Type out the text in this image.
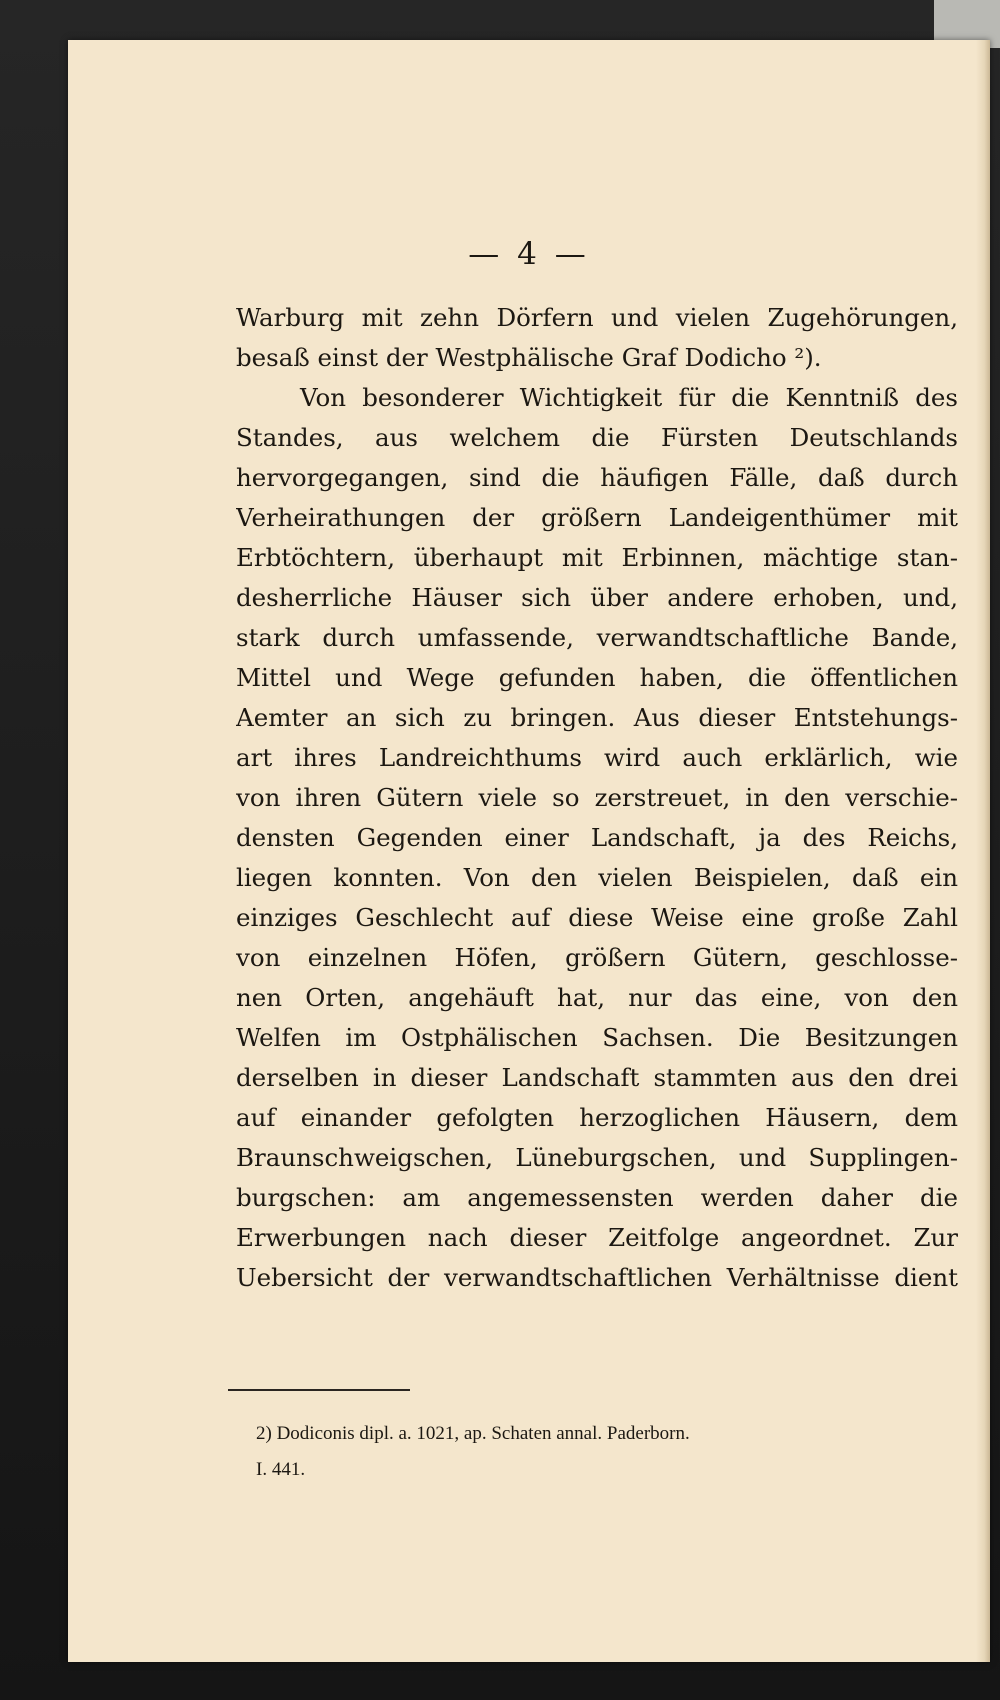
— 4 —
Warburg mit zehn Dörfern und vielen Zugehörungen,
besaß einst der Westphälische Graf Dodicho ²).
Von besonderer Wichtigkeit für die Kenntniß des
Standes, aus welchem die Fürsten Deutschlands
hervorgegangen, sind die häufigen Fälle, daß durch
Verheirathungen der größern Landeigenthümer mit
Erbtöchtern, überhaupt mit Erbinnen, mächtige stan-
desherrliche Häuser sich über andere erhoben, und,
stark durch umfassende, verwandtschaftliche Bande,
Mittel und Wege gefunden haben, die öffentlichen
Aemter an sich zu bringen. Aus dieser Entstehungs-
art ihres Landreichthums wird auch erklärlich, wie
von ihren Gütern viele so zerstreuet, in den verschie-
densten Gegenden einer Landschaft, ja des Reichs,
liegen konnten. Von den vielen Beispielen, daß ein
einziges Geschlecht auf diese Weise eine große Zahl
von einzelnen Höfen, größern Gütern, geschlosse-
nen Orten, angehäuft hat, nur das eine, von den
Welfen im Ostphälischen Sachsen. Die Besitzungen
derselben in dieser Landschaft stammten aus den drei
auf einander gefolgten herzoglichen Häusern, dem
Braunschweigschen, Lüneburgschen, und Supplingen-
burgschen: am angemessensten werden daher die
Erwerbungen nach dieser Zeitfolge angeordnet. Zur
Uebersicht der verwandtschaftlichen Verhältnisse dient
2) Dodiconis dipl. a. 1021, ap. Schaten annal. Paderborn.
I. 441.
